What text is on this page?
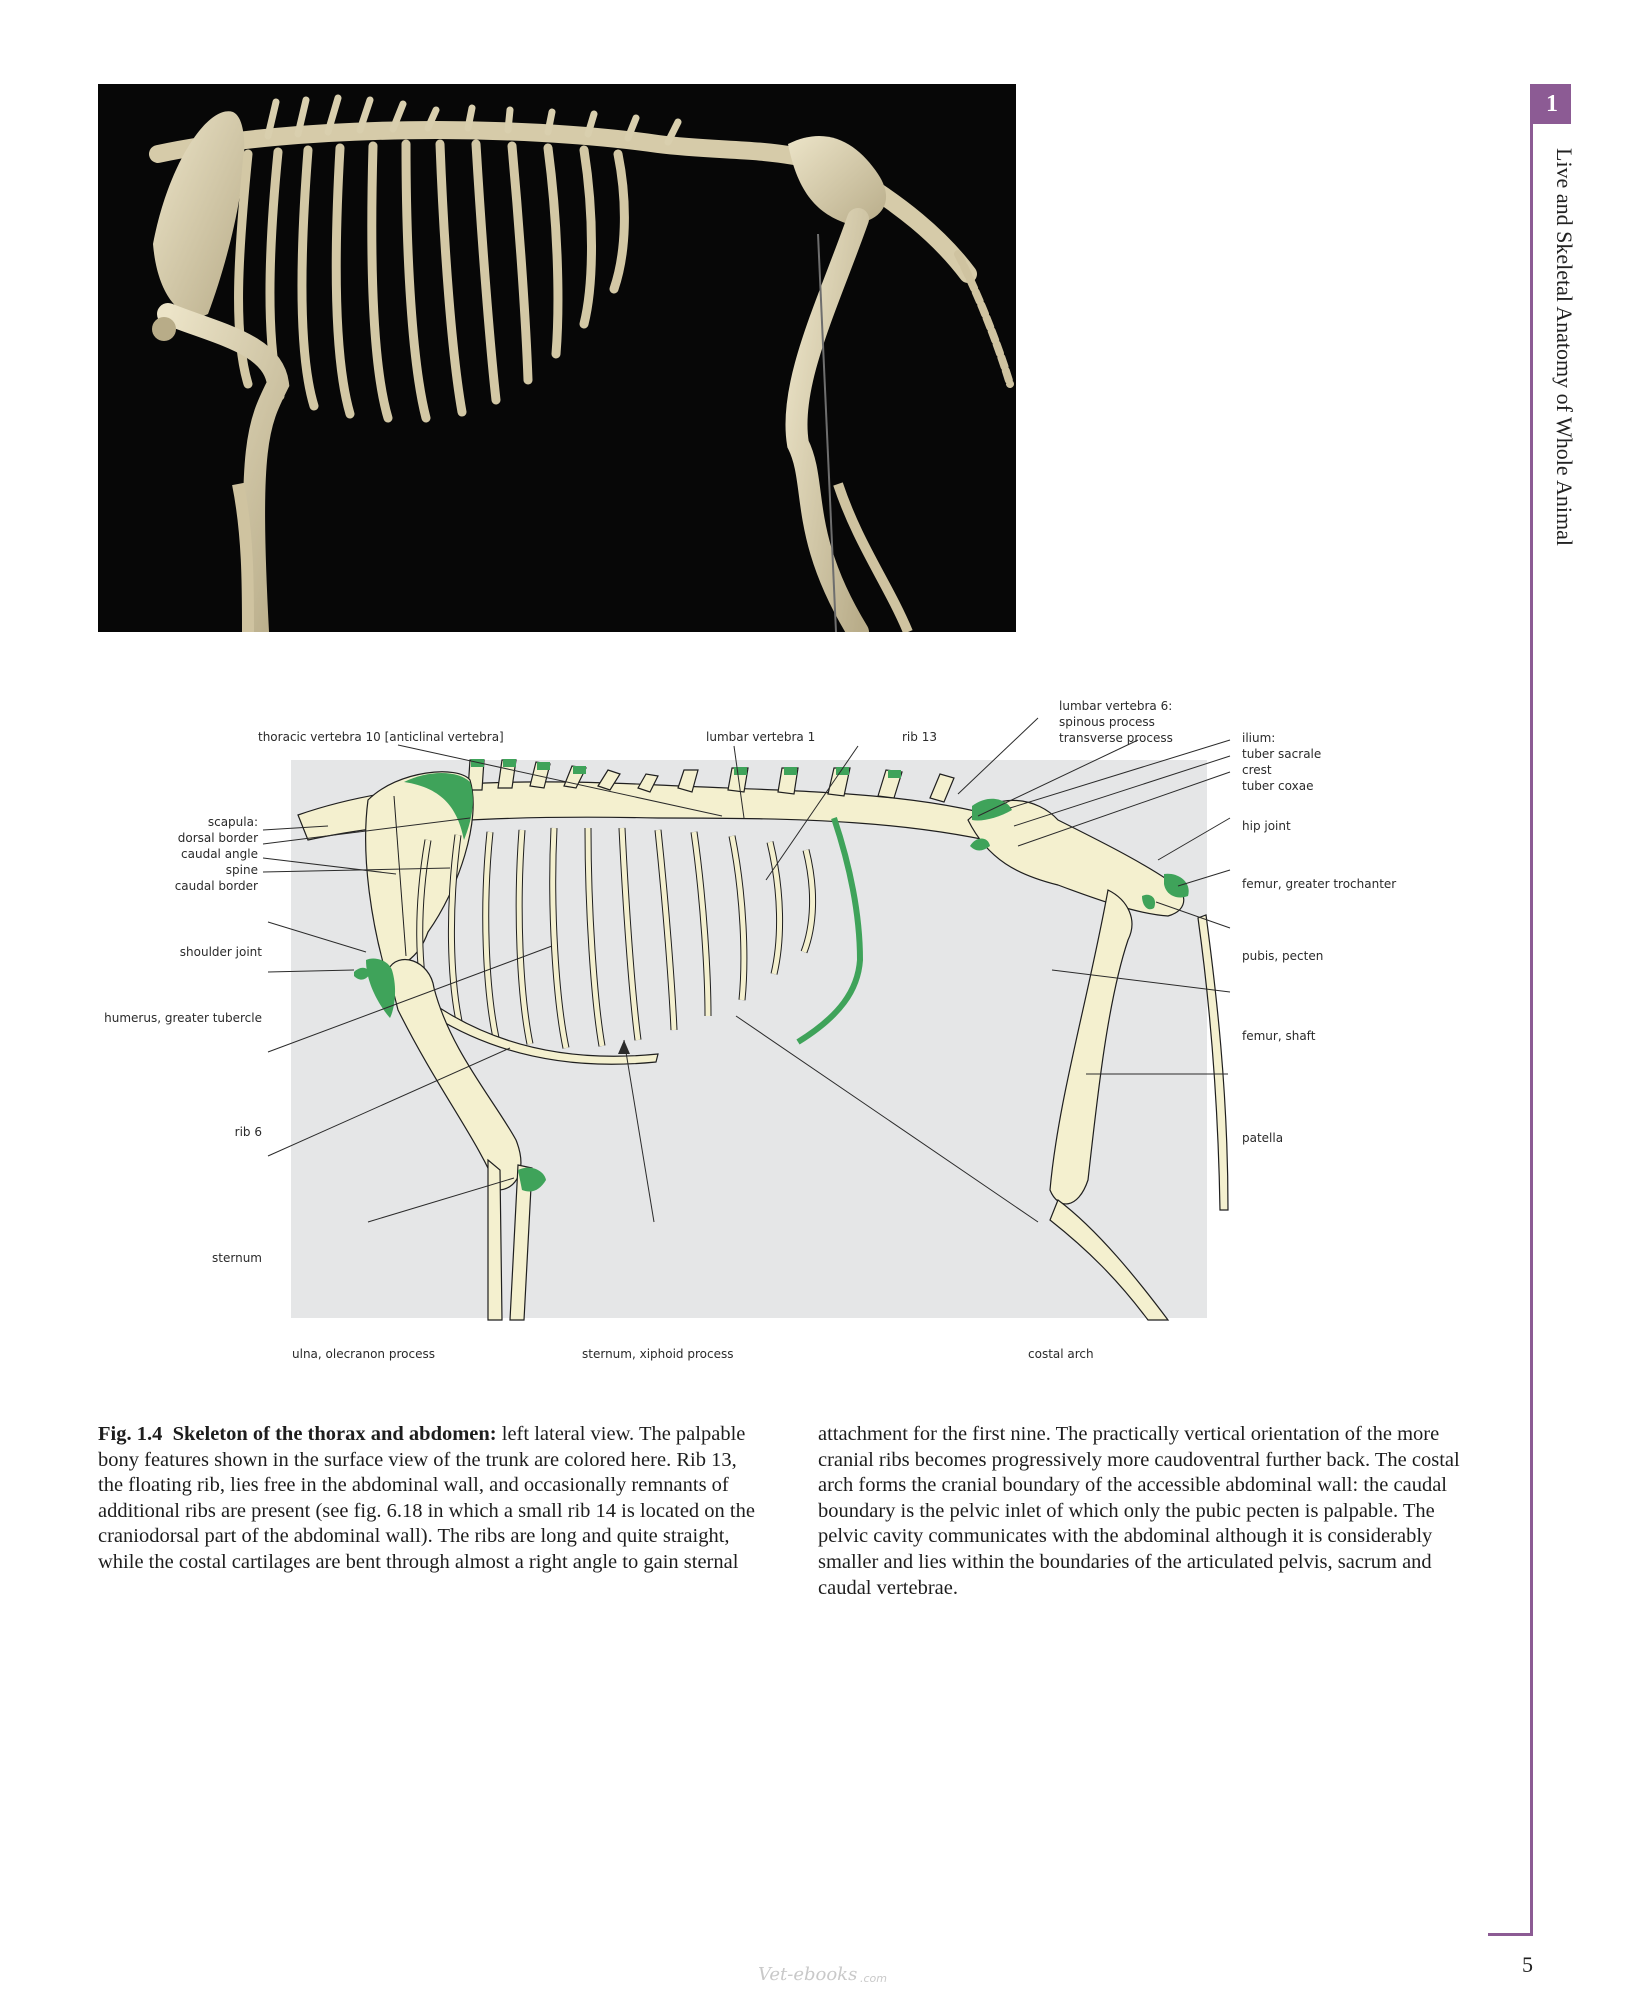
thoracic vertebra 10 [anticlinal vertebra]	lumbar vertebra 1	rib 13
lumbar vertebra 6:
spinous process
transverse process	ilium:
tuber sacrale
crest
tuber coxae
scapula:
dorsal border
caudal angle
spine
caudal border
shoulder joint
humerus, greater tubercle
rib 6
sternum
hip joint
femur, greater trochanter
pubis, pecten
femur, shaft
patella
ulna, olecranon process	sternum, xiphoid process	costal arch
Fig. 1.4 Skeleton of the thorax and abdomen: left lateral view. The palpable bony features shown in the surface view of the trunk are colored here. Rib 13, the floating rib, lies free in the abdominal wall, and occasionally remnants of additional ribs are present (see fig. 6.18 in which a small rib 14 is located on the craniodorsal part of the abdominal wall). The ribs are long and quite straight, while the costal cartilages are bent through almost a right angle to gain sternal
attachment for the first nine. The practically vertical orientation of the more cranial ribs becomes progressively more caudoventral further back. The costal arch forms the cranial boundary of the accessible abdominal wall: the caudal boundary is the pelvic inlet of which only the pubic pecten is palpable. The pelvic cavity communicates with the abdominal although it is considerably smaller and lies within the boundaries of the articulated pelvis, sacrum and caudal vertebrae.
1
Live and Skeletal Anatomy of Whole Animal
5
Vet-ebooks .com
